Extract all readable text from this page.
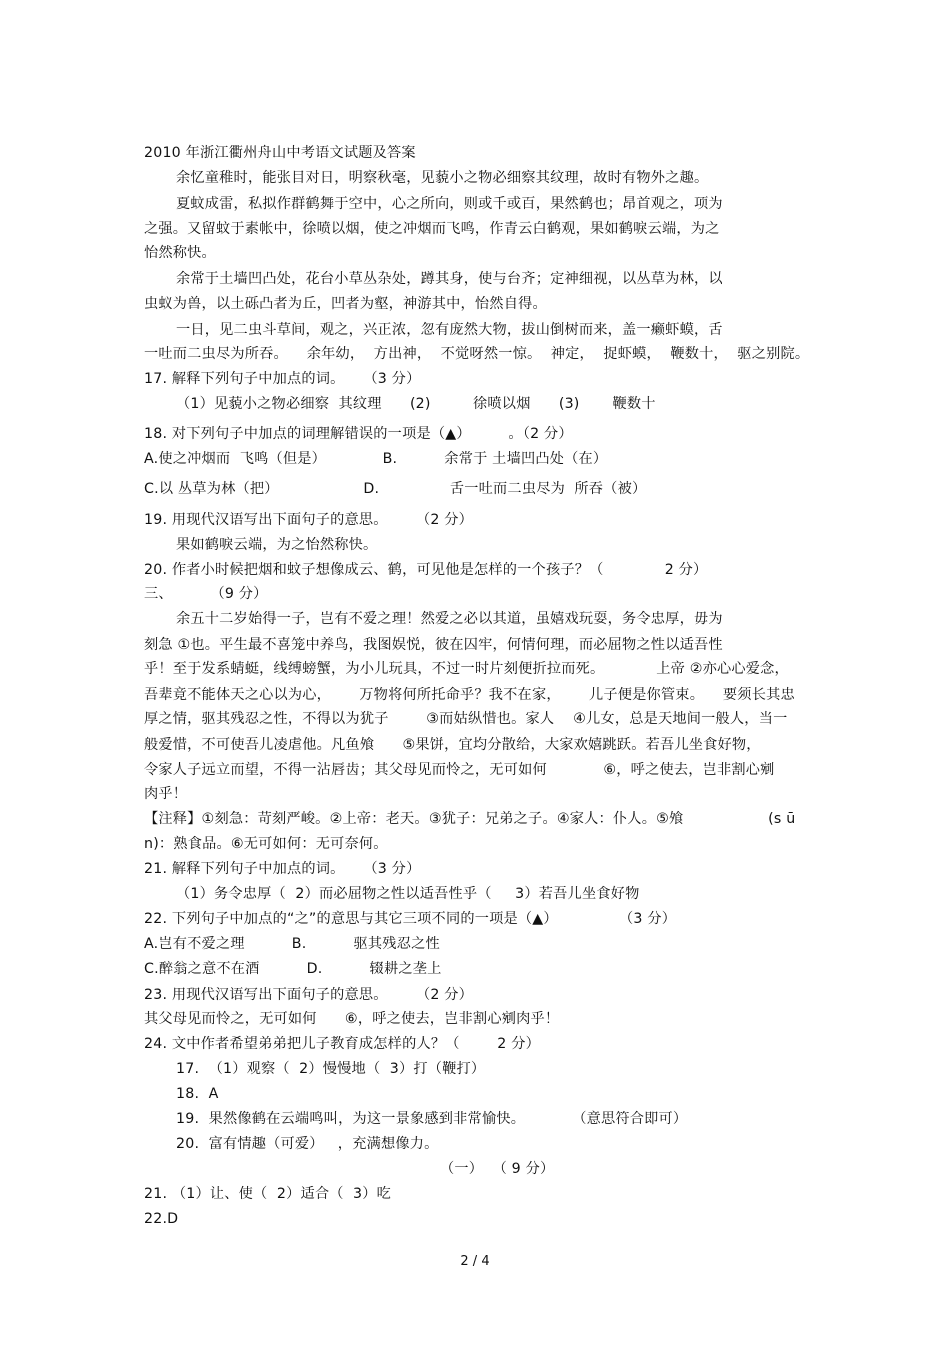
2010 年浙江衢州舟山中考语文试题及答案
余忆童稚时，能张目对日，明察秋毫，见藐小之物必细察其纹理，故时有物外之趣。
夏蚊成雷，私拟作群鹤舞于空中，心之所向，则或千或百，果然鹤也；昂首观之，项为
之强。又留蚊于素帐中，徐喷以烟，使之冲烟而飞鸣，作青云白鹤观，果如鹤唳云端，为之
怡然称快。
余常于土墙凹凸处，花台小草丛杂处，蹲其身，使与台齐；定神细视，以丛草为林，以
虫蚁为兽，以土砾凸者为丘，凹者为壑，神游其中，怡然自得。
一日，见二虫斗草间，观之，兴正浓，忽有庞然大物，拔山倒树而来，盖一癞虾蟆，舌
一吐而二虫尽为所吞。    余年幼，  方出神，  不觉呀然一惊。  神定，  捉虾蟆，  鞭数十，  驱之别院。
17. 解释下列句子中加点的词。    （3 分）
（1）见藐小之物必细察  其纹理      (2)         徐喷以烟      (3)       鞭数十
18. 对下列句子中加点的词理解错误的一项是（▲）        。（2 分）
A.使之冲烟而  飞鸣（但是）            B.          余常于 土墙凹凸处（在）
C.以 丛草为林（把）                  D.               舌一吐而二虫尽为  所吞（被）
19. 用现代汉语写出下面句子的意思。      （2 分）
果如鹤唳云端，为之怡然称快。
20. 作者小时候把烟和蚊子想像成云、鹤，可见他是怎样的一个孩子？（             2 分）
三、        （9 分）
余五十二岁始得一子，岂有不爱之理！然爱之必以其道，虽嬉戏玩耍，务令忠厚，毋为
刻急 ①也。平生最不喜笼中养鸟，我图娱悦，彼在囚牢，何情何理，而必屈物之性以适吾性
乎！至于发系蜻蜓，线缚螃蟹，为小儿玩具，不过一时片刻便折拉而死。           上帝 ②亦心心爱念，
吾辈竟不能体天之心以为心，      万物将何所托命乎？我不在家，      儿子便是你管束。    要须长其忠
厚之情，驱其残忍之性，不得以为犹子        ③而姑纵惜也。家人    ④儿女，总是天地间一般人，当一
般爱惜，不可使吾儿凌虐他。凡鱼飧      ⑤果饼，宜均分散给，大家欢嬉跳跃。若吾儿坐食好物，
令家人子远立而望，不得一沾唇齿；其父母见而怜之，无可如何            ⑥，呼之使去，岂非割心剜
肉乎！
【注释】①刻急：苛刻严峻。②上帝：老天。③犹子：兄弟之子。④家人：仆人。⑤飧                  (s ū
n)：熟食品。⑥无可如何：无可奈何。
21. 解释下列句子中加点的词。    （3 分）
（1）务令忠厚（  2）而必屈物之性以适吾性乎（     3）若吾儿坐食好物
22. 下列句子中加点的“之”的意思与其它三项不同的一项是（▲）             （3 分）
A.岂有不爱之理          B.          驱其残忍之性
C.醉翁之意不在酒          D.          辍耕之垄上
23. 用现代汉语写出下面句子的意思。      （2 分）
其父母见而怜之，无可如何      ⑥，呼之使去，岂非割心剜肉乎！
24. 文中作者希望弟弟把儿子教育成怎样的人？（        2 分）
17.  （1）观察（  2）慢慢地（  3）打（鞭打）
18.  A
19.  果然像鹤在云端鸣叫，为这一景象感到非常愉快。          （意思符合即可）
20.  富有情趣（可爱）   ，充满想像力。
（一）  （ 9 分）
21. （1）让、使（  2）适合（  3）吃
22.D
2 / 4
